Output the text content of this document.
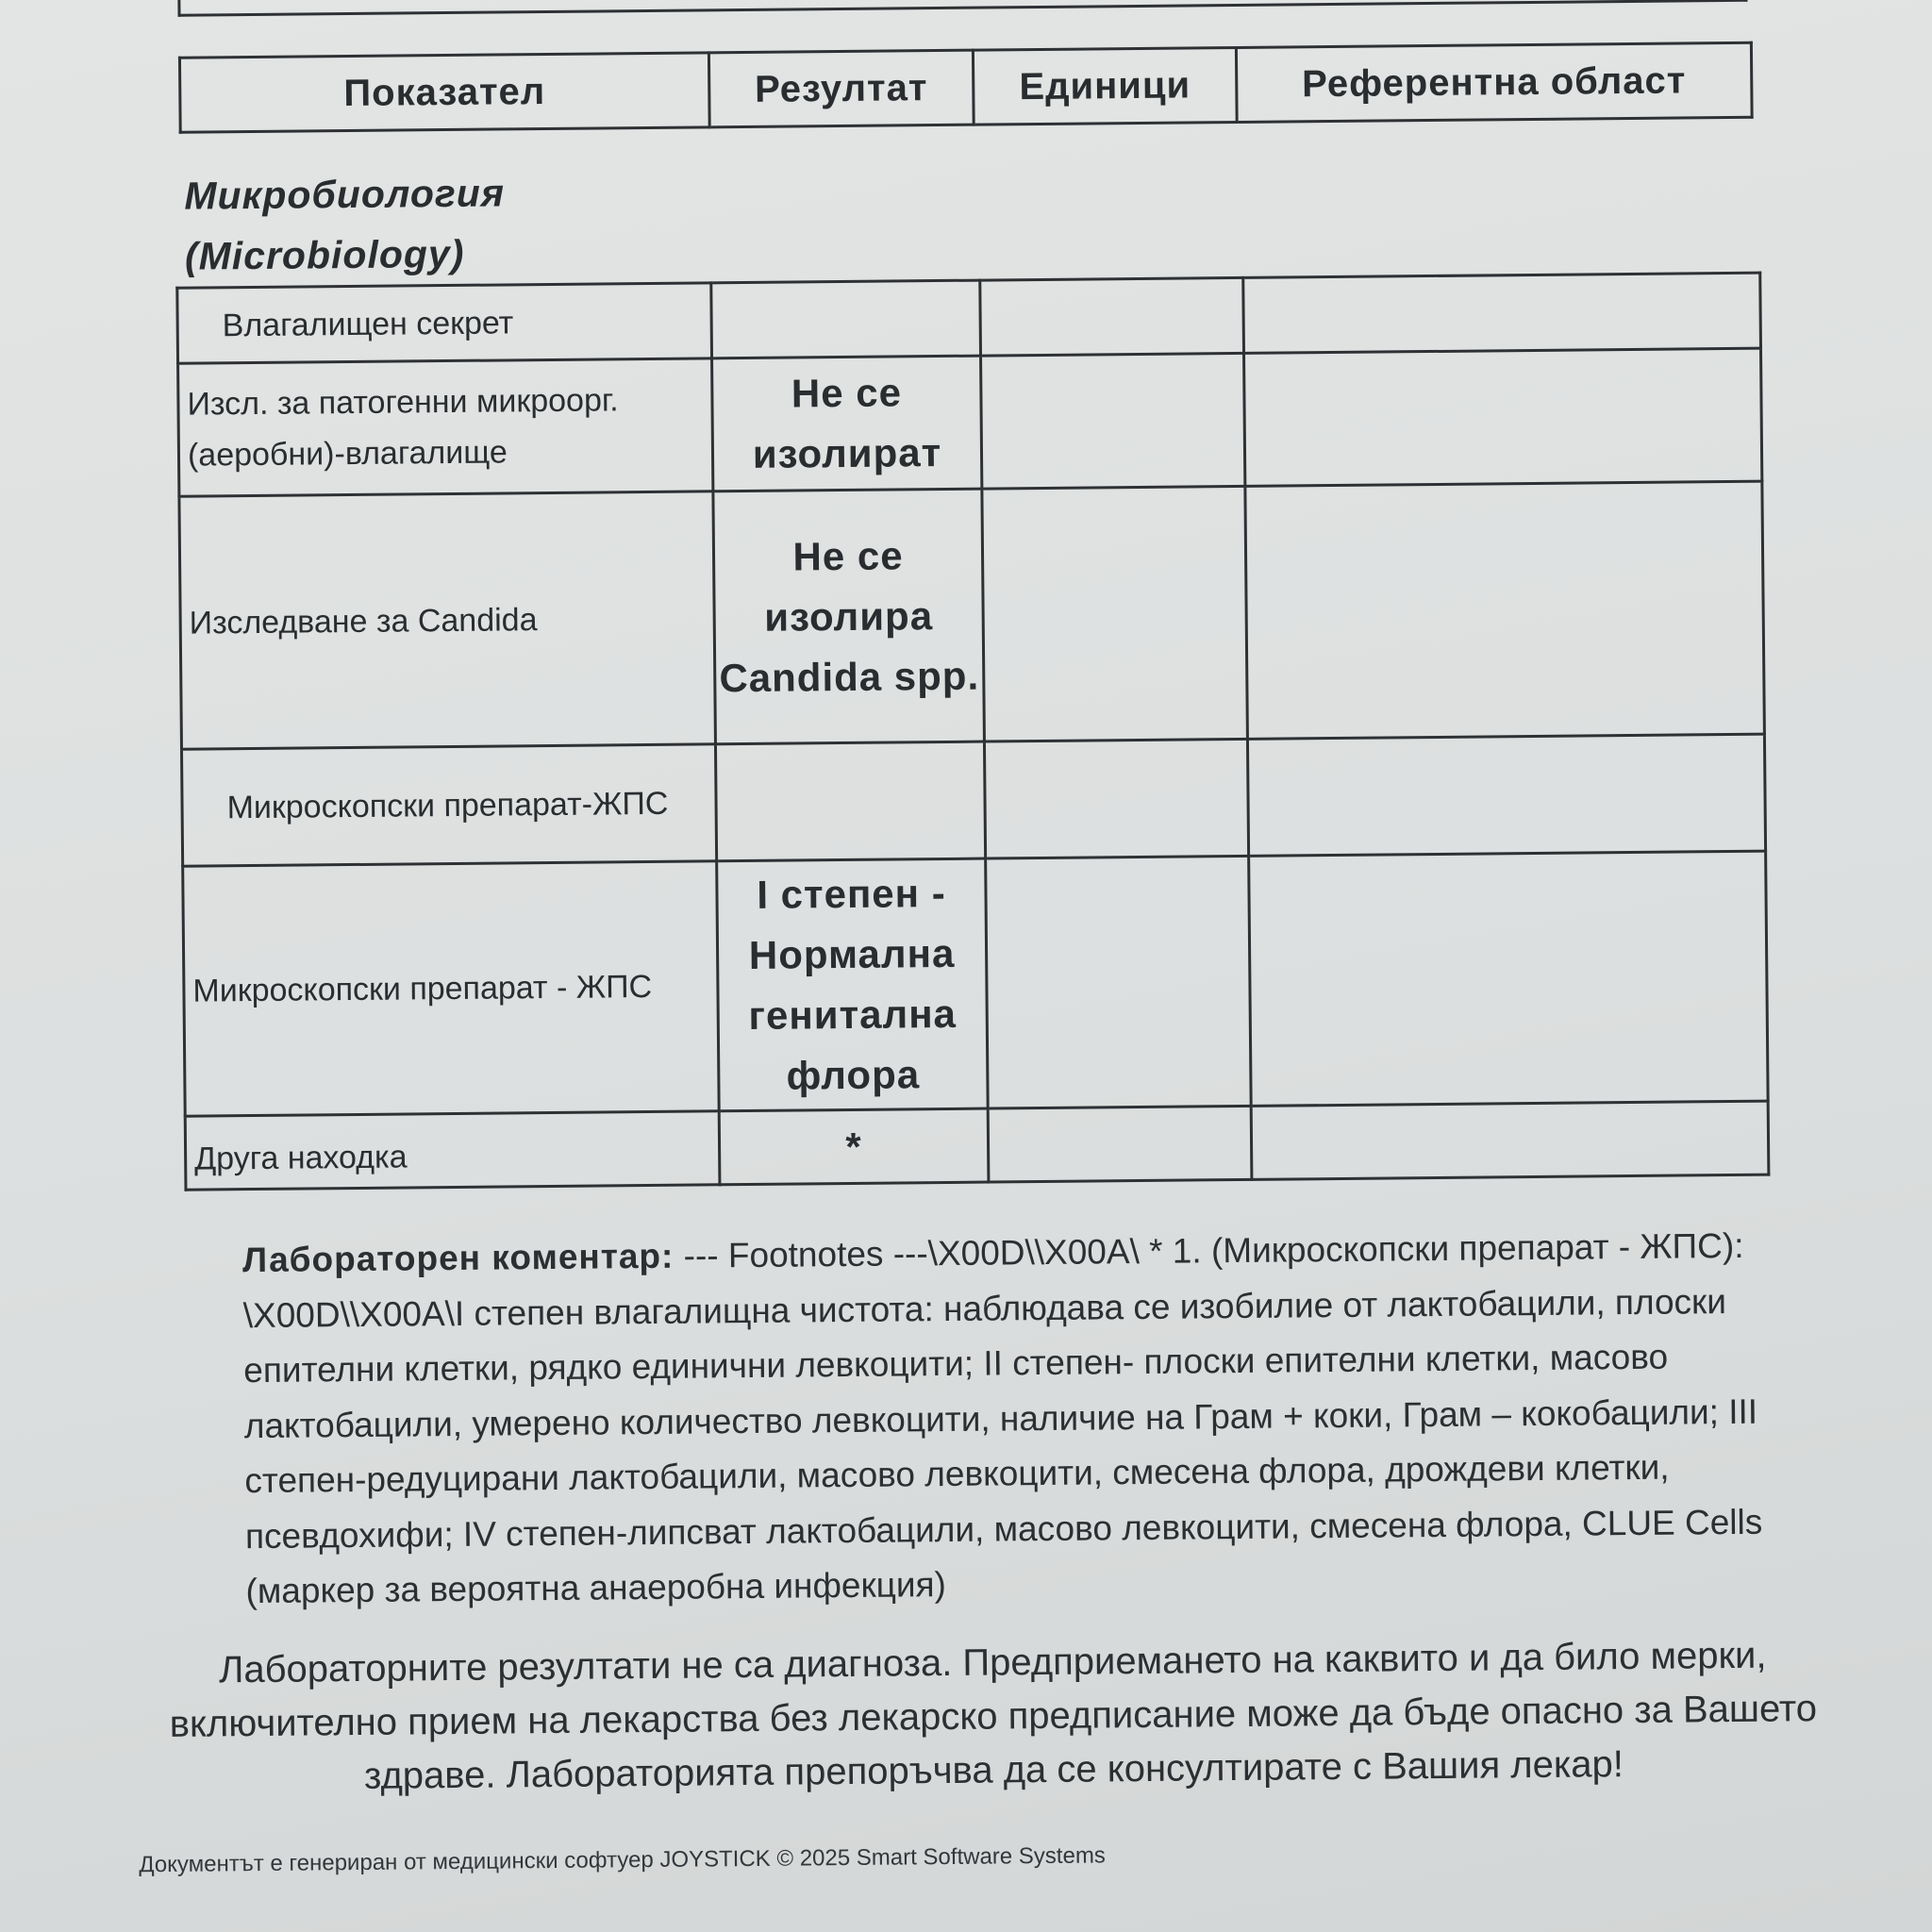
Показател	Резултат	Единици	Референтна област
Микробиология
(Microbiology)
Влагалищен секрет			
Изсл. за патогенни микроорг. (аеробни)-влагалище	Не се изолират		
Изследване за Candida	Не се изолира Candida spp.		
Микроскопски препарат-ЖПС			
Микроскопски препарат - ЖПС	I степен - Нормална генитална флора		
Друга находка	*		
Лабораторен коментар: --- Footnotes ---\X00D\\X00A\ * 1. (Микроскопски препарат - ЖПС): \X00D\\X00A\I степен влагалищна чистота: наблюдава се изобилие от лактобацили, плоски епителни клетки, рядко единични левкоцити; II степен- плоски епителни клетки, масово лактобацили, умерено количество левкоцити, наличие на Грам + коки, Грам – кокобацили; III степен-редуцирани лактобацили, масово левкоцити, смесена флора, дрождеви клетки, псевдохифи; IV степен-липсват лактобацили, масово левкоцити, смесена флора, CLUE Cells (маркер за вероятна анаеробна инфекция)
Лабораторните резултати не са диагноза. Предприемането на каквито и да било мерки, включително прием на лекарства без лекарско предписание може да бъде опасно за Вашето здраве. Лабораторията препоръчва да се консултирате с Вашия лекар!
Документът е генериран от медицински софтуер JOYSTICK © 2025 Smart Software Systems
